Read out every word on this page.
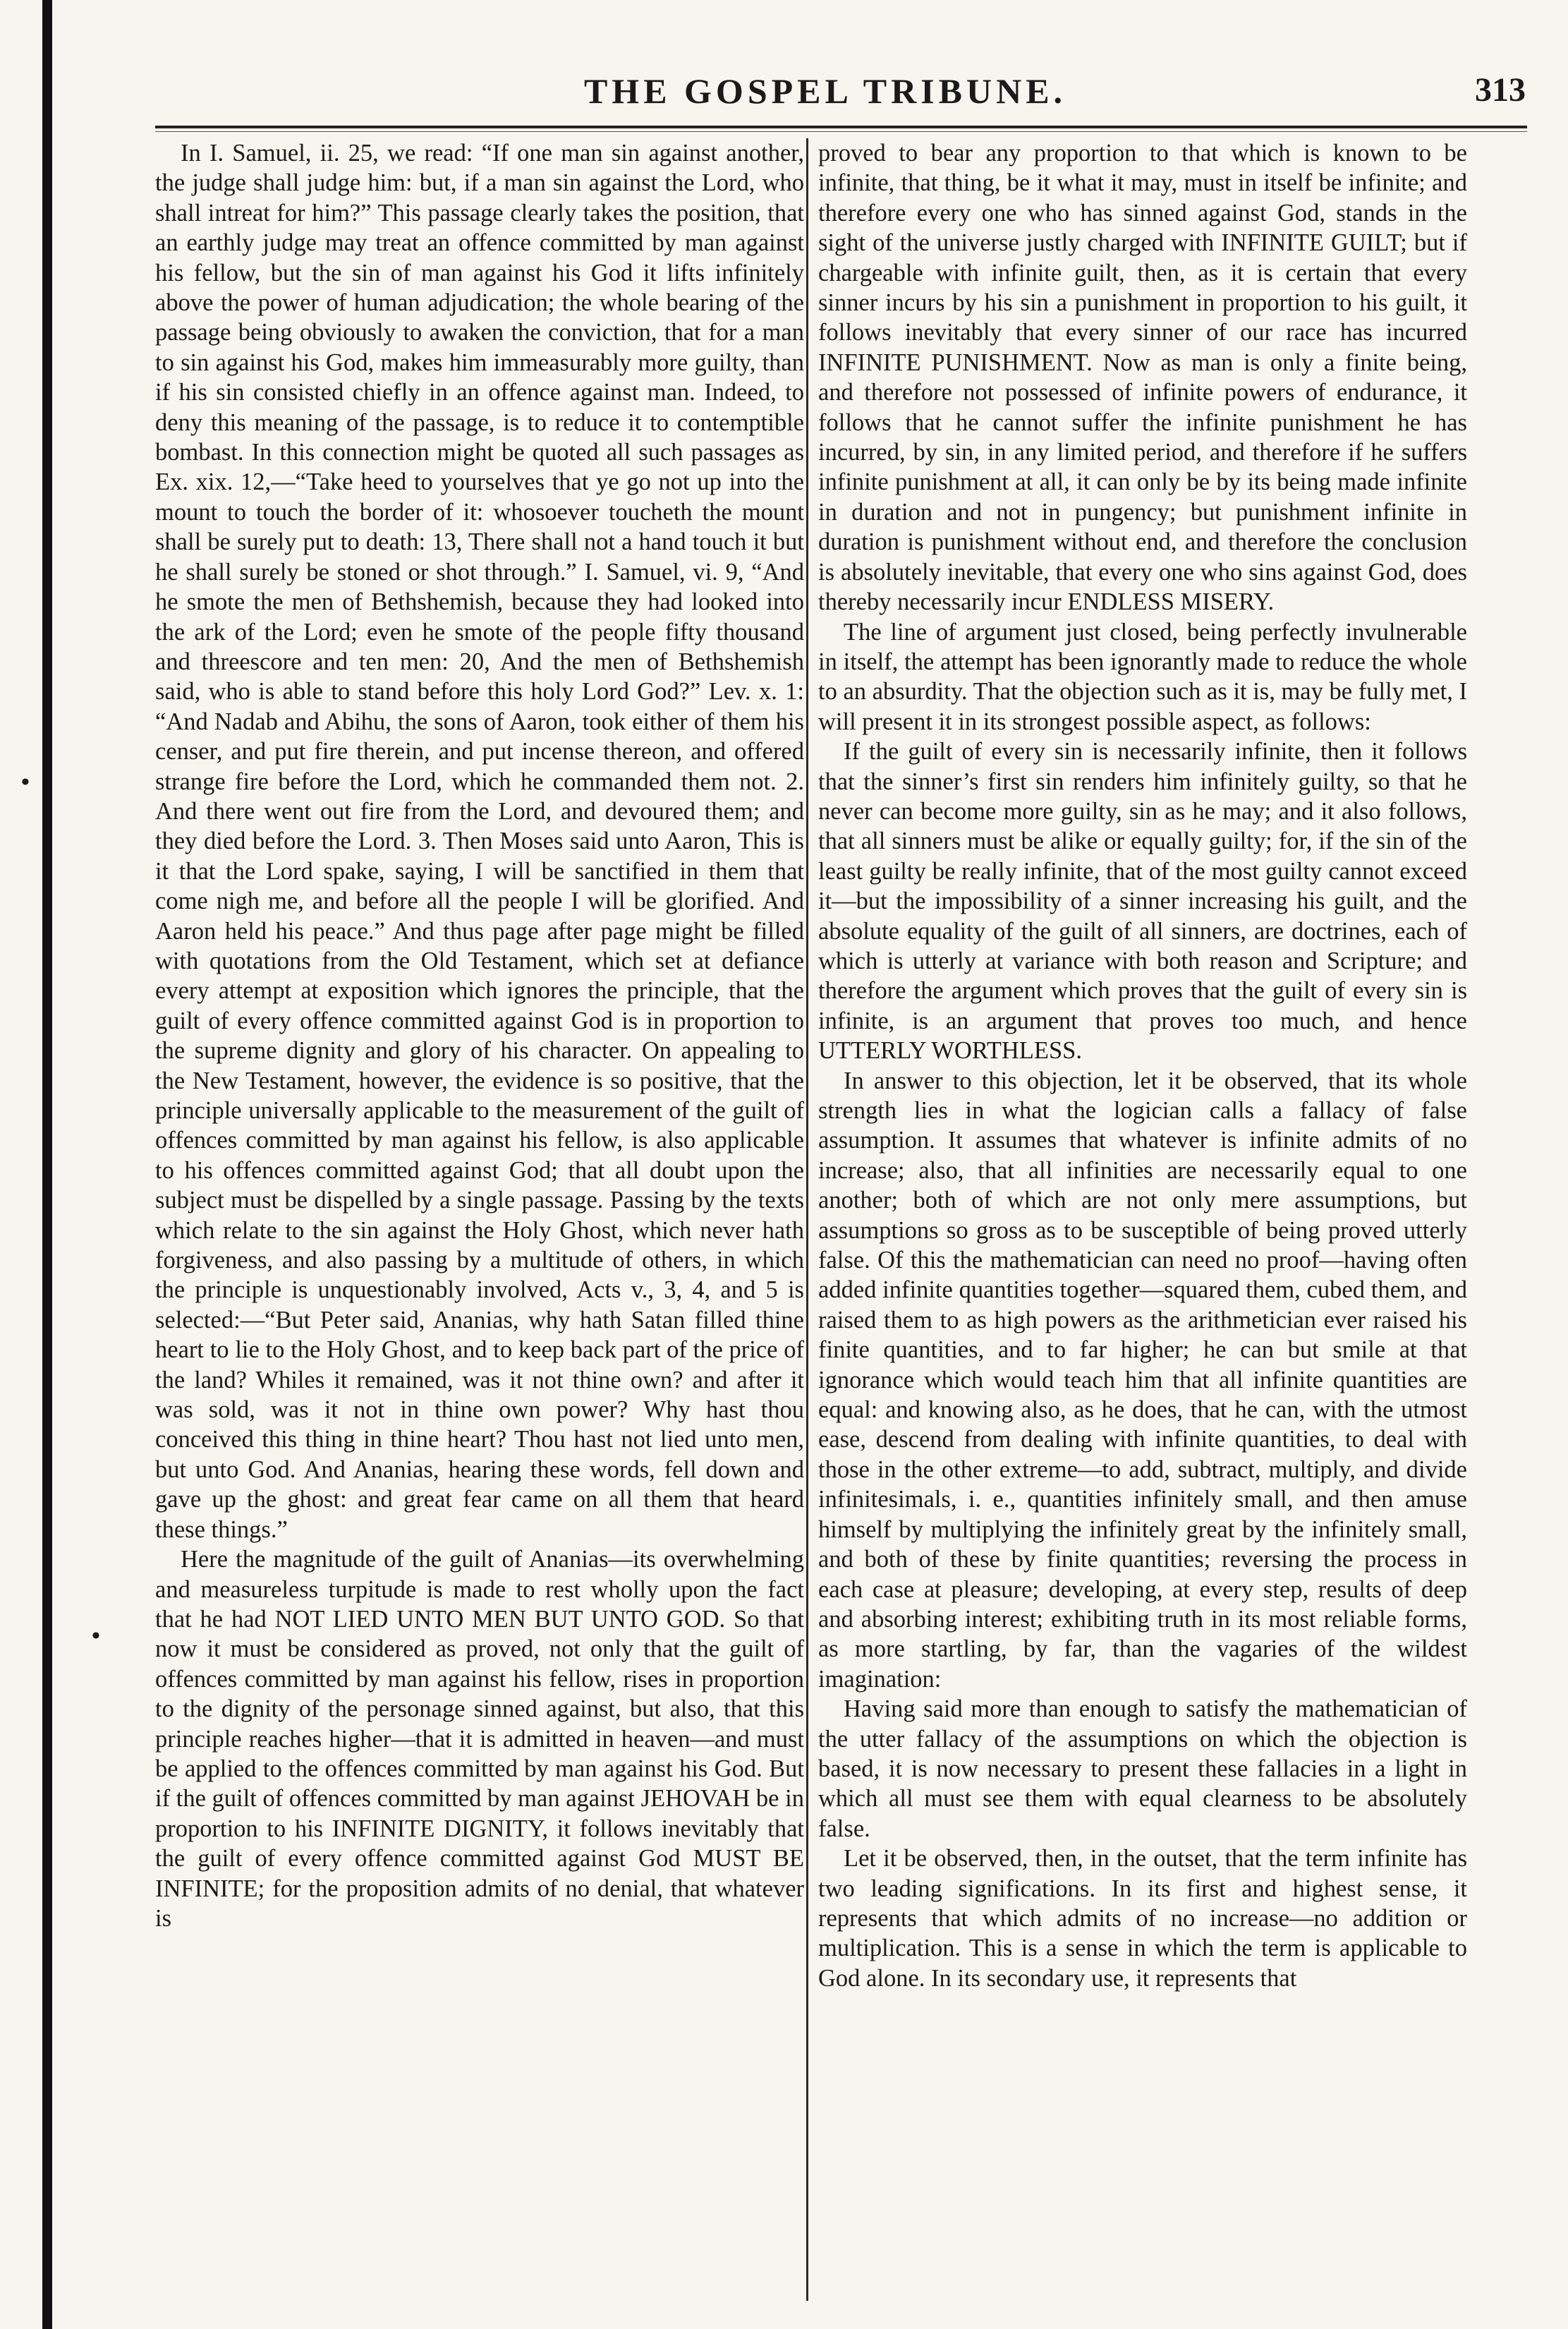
THE GOSPEL TRIBUNE.	313
•
•

In I. Samuel, ii. 25, we read: “If one man sin against another, the judge shall judge him: but, if a man sin against the Lord, who shall intreat for him?” This passage clearly takes the position, that an earthly judge may treat an offence committed by man against his fellow, but the sin of man against his God it lifts infinitely above the power of human adjudication; the whole bearing of the passage being obviously to awaken the conviction, that for a man to sin against his God, makes him immeasurably more guilty, than if his sin consisted chiefly in an offence against man. Indeed, to deny this meaning of the passage, is to reduce it to contemptible bombast. In this connection might be quoted all such passages as Ex. xix. 12,—“Take heed to yourselves that ye go not up into the mount to touch the border of it: whosoever toucheth the mount shall be surely put to death: 13, There shall not a hand touch it but he shall surely be stoned or shot through.” I. Samuel, vi. 9, “And he smote the men of Bethshemish, because they had looked into the ark of the Lord; even he smote of the people fifty thousand and threescore and ten men: 20, And the men of Bethshemish said, who is able to stand before this holy Lord God?” Lev. x. 1: “And Nadab and Abihu, the sons of Aaron, took either of them his censer, and put fire therein, and put incense thereon, and offered strange fire before the Lord, which he commanded them not. 2. And there went out fire from the Lord, and devoured them; and they died before the Lord. 3. Then Moses said unto Aaron, This is it that the Lord spake, saying, I will be sanctified in them that come nigh me, and before all the people I will be glorified. And Aaron held his peace.” And thus page after page might be filled with quotations from the Old Testament, which set at defiance every attempt at exposition which ignores the principle, that the guilt of every offence committed against God is in proportion to the supreme dignity and glory of his character. On appealing to the New Testament, however, the evidence is so positive, that the principle universally applicable to the measurement of the guilt of offences committed by man against his fellow, is also applicable to his offences committed against God; that all doubt upon the subject must be dispelled by a single passage. Passing by the texts which relate to the sin against the Holy Ghost, which never hath forgiveness, and also passing by a multitude of others, in which the principle is unquestionably involved, Acts v., 3, 4, and 5 is selected:—“But Peter said, Ananias, why hath Satan filled thine heart to lie to the Holy Ghost, and to keep back part of the price of the land? Whiles it remained, was it not thine own? and after it was sold, was it not in thine own power? Why hast thou conceived this thing in thine heart? Thou hast not lied unto men, but unto God. And Ananias, hearing these words, fell down and gave up the ghost: and great fear came on all them that heard these things.”

Here the magnitude of the guilt of Ananias—its overwhelming and measureless turpitude is made to rest wholly upon the fact that he had NOT LIED UNTO MEN BUT UNTO GOD. So that now it must be considered as proved, not only that the guilt of offences committed by man against his fellow, rises in proportion to the dignity of the personage sinned against, but also, that this principle reaches higher—that it is admitted in heaven—and must be applied to the offences committed by man against his God. But if the guilt of offences committed by man against JEHOVAH be in proportion to his INFINITE DIGNITY, it follows inevitably that the guilt of every offence committed against God MUST BE INFINITE; for the proposition admits of no denial, that whatever is

proved to bear any proportion to that which is known to be infinite, that thing, be it what it may, must in itself be infinite; and therefore every one who has sinned against God, stands in the sight of the universe justly charged with INFINITE GUILT; but if chargeable with infinite guilt, then, as it is certain that every sinner incurs by his sin a punishment in proportion to his guilt, it follows inevitably that every sinner of our race has incurred INFINITE PUNISHMENT. Now as man is only a finite being, and therefore not possessed of infinite powers of endurance, it follows that he cannot suffer the infinite punishment he has incurred, by sin, in any limited period, and therefore if he suffers infinite punishment at all, it can only be by its being made infinite in duration and not in pungency; but punishment infinite in duration is punishment without end, and therefore the conclusion is absolutely inevitable, that every one who sins against God, does thereby necessarily incur ENDLESS MISERY.

The line of argument just closed, being perfectly invulnerable in itself, the attempt has been ignorantly made to reduce the whole to an absurdity. That the objection such as it is, may be fully met, I will present it in its strongest possible aspect, as follows:

If the guilt of every sin is necessarily infinite, then it follows that the sinner’s first sin renders him infinitely guilty, so that he never can become more guilty, sin as he may; and it also follows, that all sinners must be alike or equally guilty; for, if the sin of the least guilty be really infinite, that of the most guilty cannot exceed it—but the impossibility of a sinner increasing his guilt, and the absolute equality of the guilt of all sinners, are doctrines, each of which is utterly at variance with both reason and Scripture; and therefore the argument which proves that the guilt of every sin is infinite, is an argument that proves too much, and hence UTTERLY WORTHLESS.

In answer to this objection, let it be observed, that its whole strength lies in what the logician calls a fallacy of false assumption. It assumes that whatever is infinite admits of no increase; also, that all infinities are necessarily equal to one another; both of which are not only mere assumptions, but assumptions so gross as to be susceptible of being proved utterly false. Of this the mathematician can need no proof—having often added infinite quantities together—squared them, cubed them, and raised them to as high powers as the arithmetician ever raised his finite quantities, and to far higher; he can but smile at that ignorance which would teach him that all infinite quantities are equal: and knowing also, as he does, that he can, with the utmost ease, descend from dealing with infinite quantities, to deal with those in the other extreme—to add, subtract, multiply, and divide infinitesimals, i. e., quantities infinitely small, and then amuse himself by multiplying the infinitely great by the infinitely small, and both of these by finite quantities; reversing the process in each case at pleasure; developing, at every step, results of deep and absorbing interest; exhibiting truth in its most reliable forms, as more startling, by far, than the vagaries of the wildest imagination:

Having said more than enough to satisfy the mathematician of the utter fallacy of the assumptions on which the objection is based, it is now necessary to present these fallacies in a light in which all must see them with equal clearness to be absolutely false.

Let it be observed, then, in the outset, that the term infinite has two leading significations. In its first and highest sense, it represents that which admits of no increase—no addition or multiplication. This is a sense in which the term is applicable to God alone. In its secondary use, it represents that
